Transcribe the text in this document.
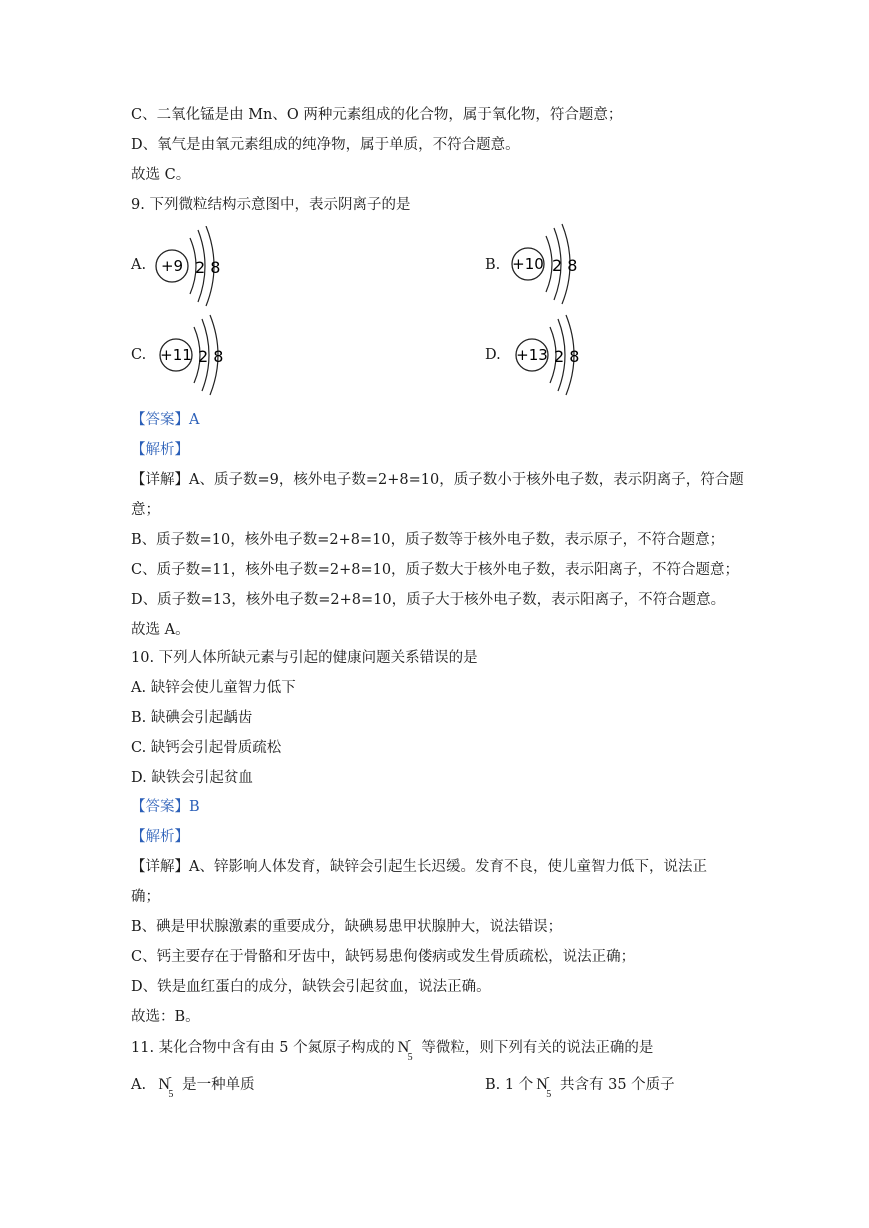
C、二氧化锰是由 Mn、O 两种元素组成的化合物，属于氧化物，符合题意；
D、氧气是由氧元素组成的纯净物，属于单质，不符合题意。
故选 C。
9. 下列微粒结构示意图中，表示阴离子的是
A. +9 2 8	B. +10 2 8
C. +11 2 8	D. +13 2 8
【答案】A
【解析】
【详解】A、质子数=9，核外电子数=2+8=10，质子数小于核外电子数，表示阴离子，符合题
意；
B、质子数=10，核外电子数=2+8=10，质子数等于核外电子数，表示原子，不符合题意；
C、质子数=11，核外电子数=2+8=10，质子数大于核外电子数，表示阳离子，不符合题意；
D、质子数=13，核外电子数=2+8=10，质子大于核外电子数，表示阳离子，不符合题意。
故选 A。
10. 下列人体所缺元素与引起的健康问题关系错误的是
A. 缺锌会使儿童智力低下
B. 缺碘会引起龋齿
C. 缺钙会引起骨质疏松
D. 缺铁会引起贫血
【答案】B
【解析】
【详解】A、锌影响人体发育，缺锌会引起生长迟缓。发育不良，使儿童智力低下，说法正
确；
B、碘是甲状腺激素的重要成分，缺碘易患甲状腺肿大，说法错误；
C、钙主要存在于骨骼和牙齿中，缺钙易患佝偻病或发生骨质疏松，说法正确；
D、铁是血红蛋白的成分，缺铁会引起贫血，说法正确。
故选：B。
11. 某化合物中含有由 5 个氮原子构成的 N
-
5
等微粒，则下列有关的说法正确的是
A. N
-
5
是一种单质	B. 1 个 N
-
5
共含有 35 个质子
